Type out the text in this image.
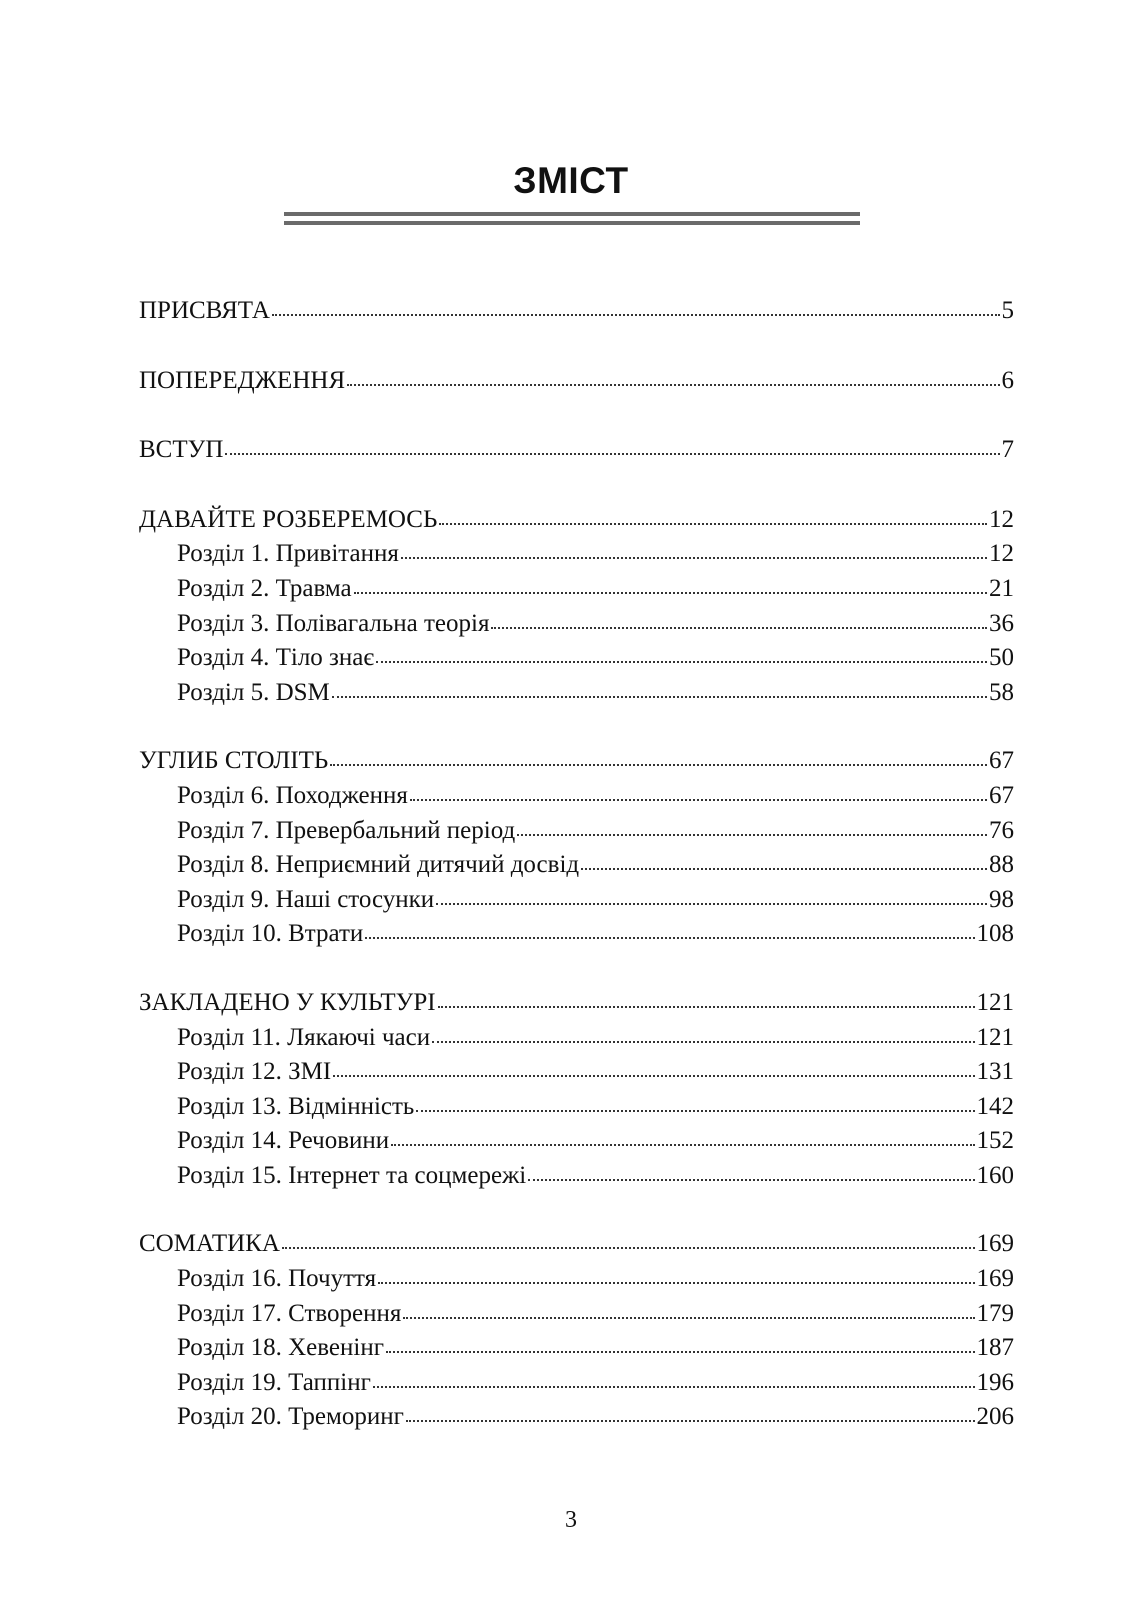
ЗМІСТ
ПРИСВЯТА	5
ПОПЕРЕДЖЕННЯ	6
ВСТУП	7
ДАВАЙТЕ РОЗБЕРЕМОСЬ	12
Розділ 1. Привітання	12
Розділ 2. Травма	21
Розділ 3. Полівагальна теорія	36
Розділ 4. Тіло знає	50
Розділ 5. DSM	58
УГЛИБ СТОЛІТЬ	67
Розділ 6. Походження	67
Розділ 7. Превербальний період	76
Розділ 8. Неприємний дитячий досвід	88
Розділ 9. Наші стосунки	98
Розділ 10. Втрати	108
ЗАКЛАДЕНО У КУЛЬТУРІ	121
Розділ 11. Лякаючі часи	121
Розділ 12. ЗМІ	131
Розділ 13. Відмінність	142
Розділ 14. Речовини	152
Розділ 15. Інтернет та соцмережі	160
СОМАТИКА	169
Розділ 16. Почуття	169
Розділ 17. Створення	179
Розділ 18. Хевенінг	187
Розділ 19. Таппінг	196
Розділ 20. Треморинг	206
3
